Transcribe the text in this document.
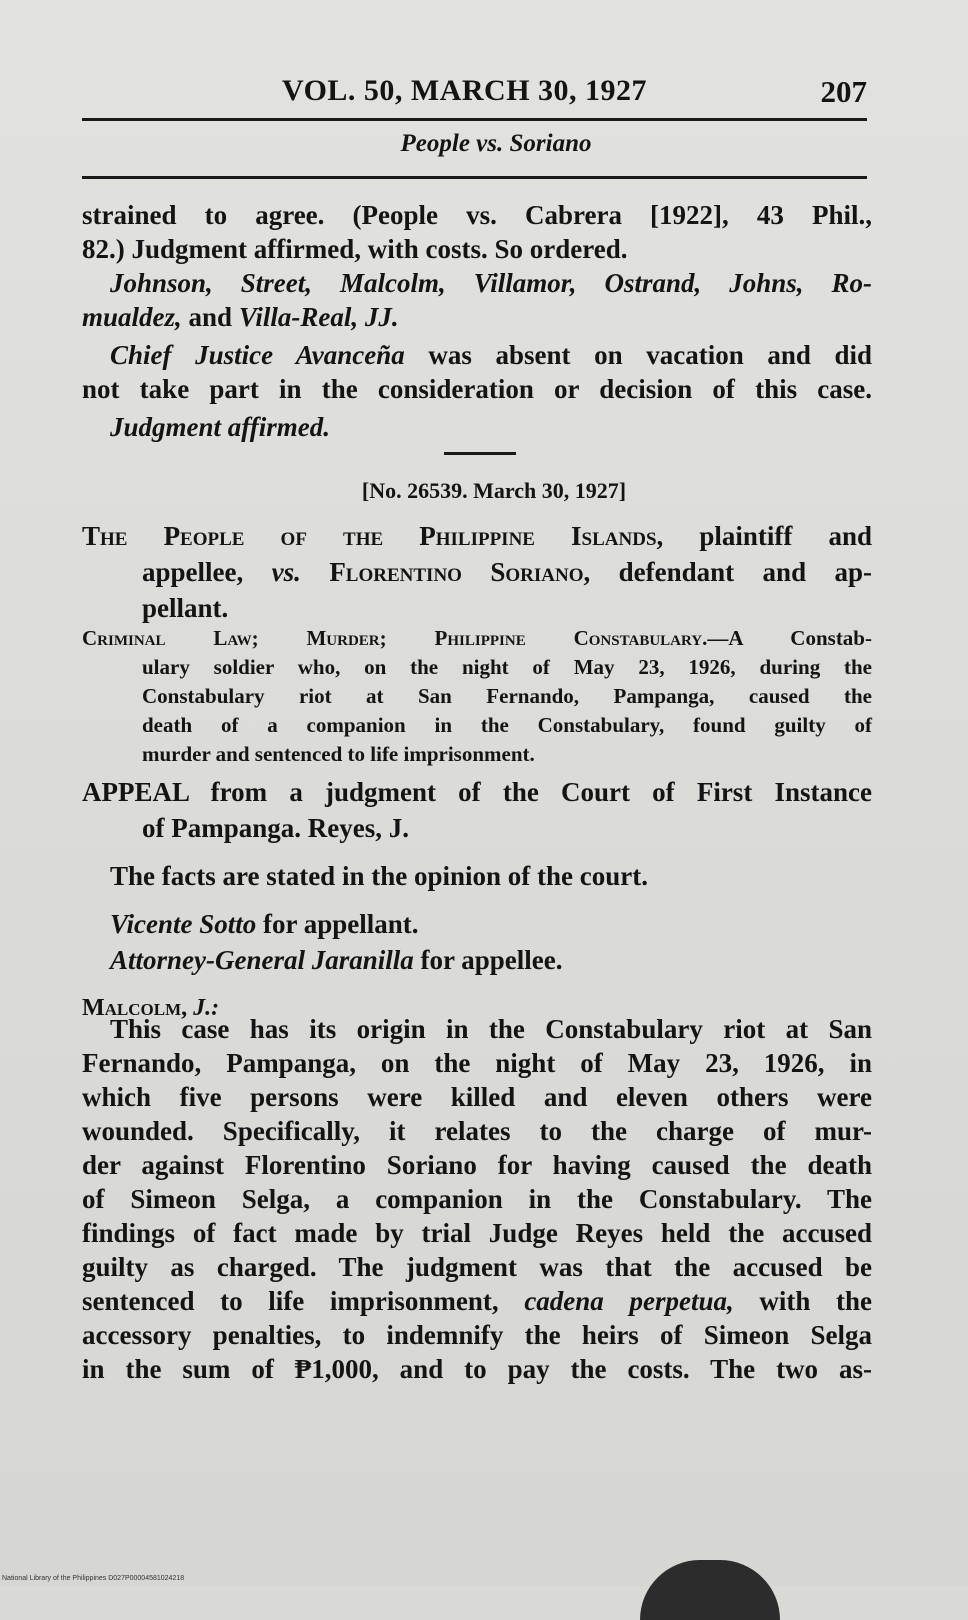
VOL. 50, MARCH 30, 1927	207
People vs. Soriano
strained to agree. (People vs. Cabrera [1922], 43 Phil.,
82.) Judgment affirmed, with costs. So ordered.
Johnson, Street, Malcolm, Villamor, Ostrand, Johns, Ro-
mualdez, and Villa-Real, JJ.
Chief Justice Avanceña was absent on vacation and did
not take part in the consideration or decision of this case.
Judgment affirmed.
[No. 26539. March 30, 1927]
The People of the Philippine Islands, plaintiff and
appellee, vs. Florentino Soriano, defendant and ap-
pellant.
Criminal Law; Murder; Philippine Constabulary.—A Constab-
ulary soldier who, on the night of May 23, 1926, during the
Constabulary riot at San Fernando, Pampanga, caused the
death of a companion in the Constabulary, found guilty of
murder and sentenced to life imprisonment.
APPEAL from a judgment of the Court of First Instance
of Pampanga. Reyes, J.
The facts are stated in the opinion of the court.
Vicente Sotto for appellant.
Attorney-General Jaranilla for appellee.
Malcolm, J.:
This case has its origin in the Constabulary riot at San
Fernando, Pampanga, on the night of May 23, 1926, in
which five persons were killed and eleven others were
wounded. Specifically, it relates to the charge of mur-
der against Florentino Soriano for having caused the death
of Simeon Selga, a companion in the Constabulary. The
findings of fact made by trial Judge Reyes held the accused
guilty as charged. The judgment was that the accused be
sentenced to life imprisonment, cadena perpetua, with the
accessory penalties, to indemnify the heirs of Simeon Selga
in the sum of ₱1,000, and to pay the costs. The two as-
National Library of the Philippines D027P00004581024218
